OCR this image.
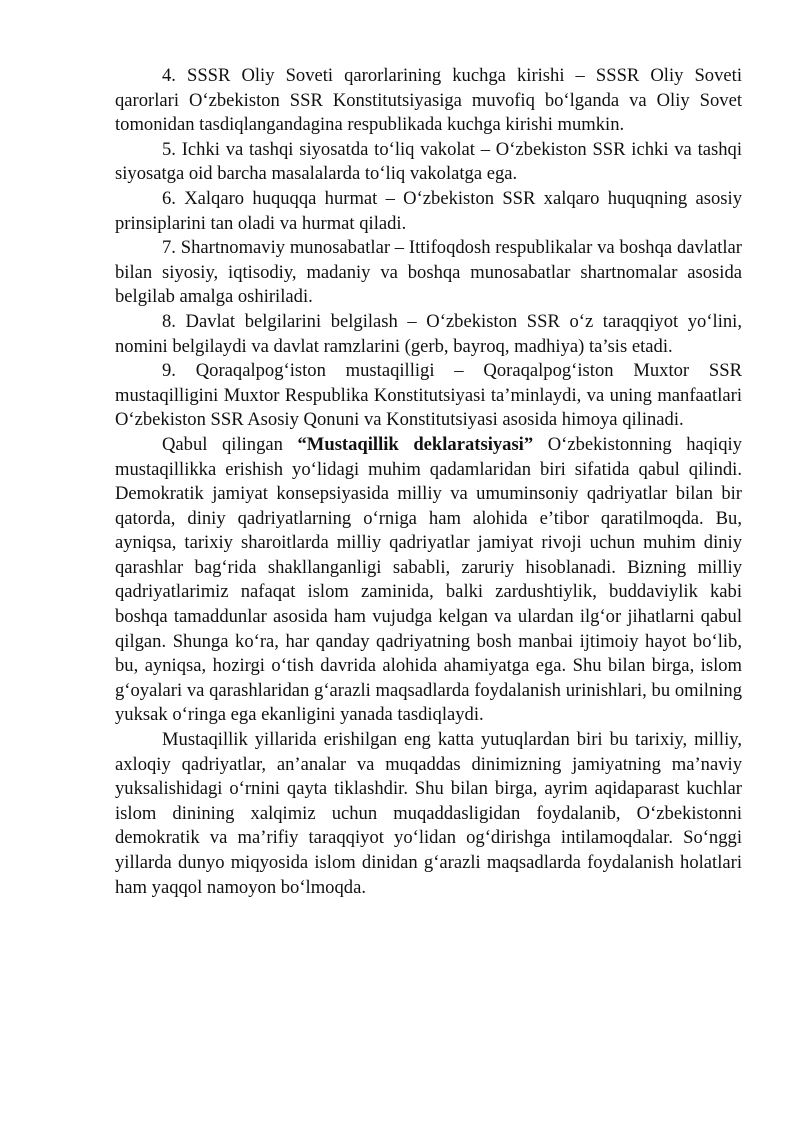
4. SSSR Oliy Soveti qarorlarining kuchga kirishi – SSSR Oliy Soveti qarorlari O‘zbekiston SSR Konstitutsiyasiga muvofiq bo‘lganda va Oliy Sovet tomonidan tasdiqlangandagina respublikada kuchga kirishi mumkin.

5. Ichki va tashqi siyosatda to‘liq vakolat – O‘zbekiston SSR ichki va tashqi siyosatga oid barcha masalalarda to‘liq vakolatga ega.

6. Xalqaro huquqqa hurmat – O‘zbekiston SSR xalqaro huquqning asosiy prinsiplarini tan oladi va hurmat qiladi.

7. Shartnomaviy munosabatlar – Ittifoqdosh respublikalar va boshqa davlatlar bilan siyosiy, iqtisodiy, madaniy va boshqa munosabatlar shartnomalar asosida belgilab amalga oshiriladi.

8. Davlat belgilarini belgilash – O‘zbekiston SSR o‘z taraqqiyot yo‘lini, nomini belgilaydi va davlat ramzlarini (gerb, bayroq, madhiya) ta’sis etadi.

9. Qoraqalpog‘iston mustaqilligi – Qoraqalpog‘iston Muxtor SSR mustaqilligini Muxtor Respublika Konstitutsiyasi ta’minlaydi, va uning manfaatlari O‘zbekiston SSR Asosiy Qonuni va Konstitutsiyasi asosida himoya qilinadi.

Qabul qilingan “Mustaqillik deklaratsiyasi” O‘zbekistonning haqiqiy mustaqillikka erishish yo‘lidagi muhim qadamlaridan biri sifatida qabul qilindi. Demokratik jamiyat konsepsiyasida milliy va umuminsoniy qadriyatlar bilan bir qatorda, diniy qadriyatlarning o‘rniga ham alohida e’tibor qaratilmoqda. Bu, ayniqsa, tarixiy sharoitlarda milliy qadriyatlar jamiyat rivoji uchun muhim diniy qarashlar bag‘rida shakllanganligi sababli, zaruriy hisoblanadi. Bizning milliy qadriyatlarimiz nafaqat islom zaminida, balki zardushtiylik, buddaviylik kabi boshqa tamaddunlar asosida ham vujudga kelgan va ulardan ilg‘or jihatlarni qabul qilgan. Shunga ko‘ra, har qanday qadriyatning bosh manbai ijtimoiy hayot bo‘lib, bu, ayniqsa, hozirgi o‘tish davrida alohida ahamiyatga ega. Shu bilan birga, islom g‘oyalari va qarashlaridan g‘arazli maqsadlarda foydalanish urinishlari, bu omilning yuksak o‘ringa ega ekanligini yanada tasdiqlaydi.

Mustaqillik yillarida erishilgan eng katta yutuqlardan biri bu tarixiy, milliy, axloqiy qadriyatlar, an’analar va muqaddas dinimizning jamiyatning ma’naviy yuksalishidagi o‘rnini qayta tiklashdir. Shu bilan birga, ayrim aqidaparast kuchlar islom dinining xalqimiz uchun muqaddasligidan foydalanib, O‘zbekistonni demokratik va ma’rifiy taraqqiyot yo‘lidan og‘dirishga intilamoqdalar. So‘nggi yillarda dunyo miqyosida islom dinidan g‘arazli maqsadlarda foydalanish holatlari ham yaqqol namoyon bo‘lmoqda.
